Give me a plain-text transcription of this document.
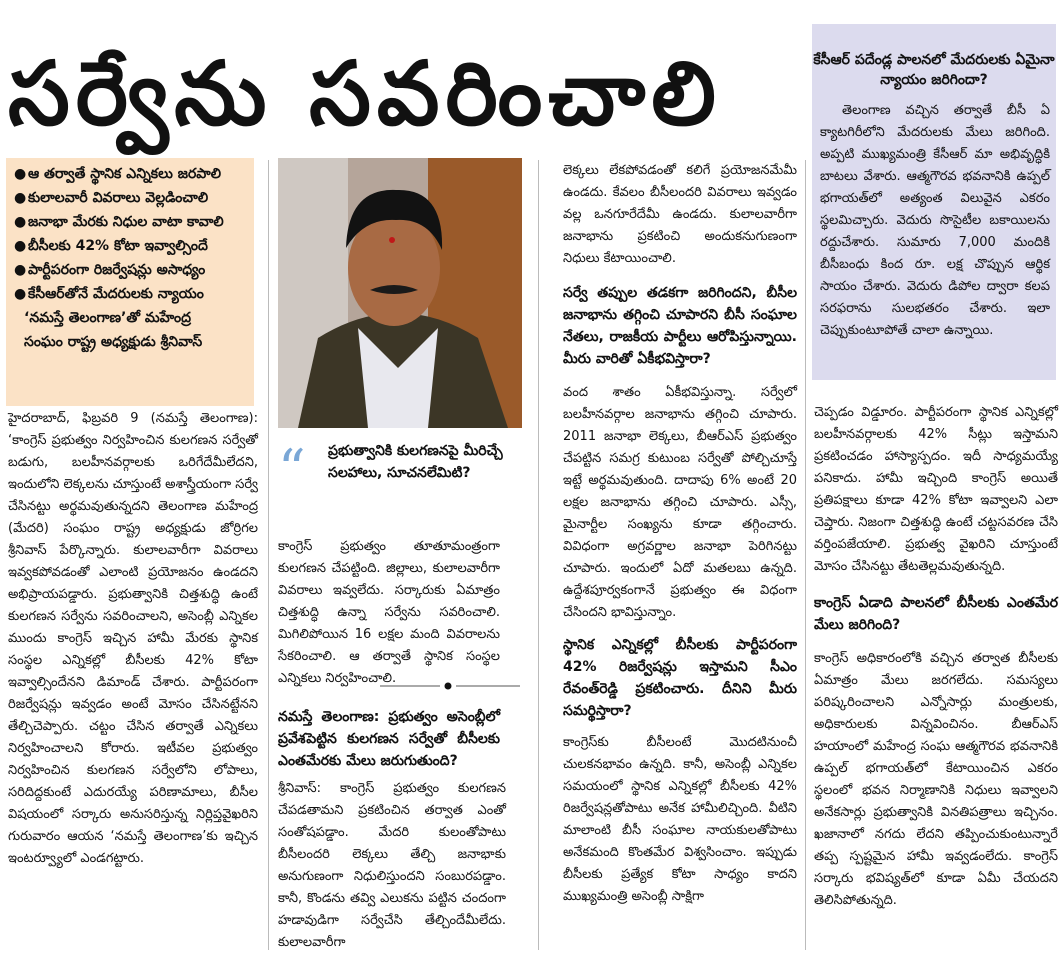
సర్వేను సవరించాలి	కేసీఆర్ పదేండ్ల పాలనలో మేదరులకు ఏమైనా న్యాయం జరిగిందా?
తెలంగాణ వచ్చిన తర్వాతే బీసీ ఏ క్యాటగిరీలోని మేదరులకు మేలు జరిగింది. అప్పటి ముఖ్యమంత్రి కేసీఆర్ మా అభివృద్ధికి బాటలు వేశారు. ఆత్మగౌరవ భవనానికి ఉప్పల్ భగాయత్‌లో అత్యంత విలువైన ఎకరం స్థలమిచ్చారు. వెదురు సొసైటీల బకాయిలను రద్దుచేశారు. సుమారు 7,000 మందికి బీసీబంధు కింద రూ. లక్ష చొప్పున ఆర్థిక సాయం చేశారు. వెదురు డిపోల ద్వారా కలప సరఫరాను సులభతరం చేశారు. ఇలా చెప్పుకుంటూపోతే చాలా ఉన్నాయి.
● ఆ తర్వాతే స్థానిక ఎన్నికలు జరపాలి
● కులాలవారీ వివరాలు వెల్లడించాలి
● జనాభా మేరకు నిధుల వాటా కావాలి
● బీసీలకు 42% కోటా ఇవ్వాల్సిందే
● పార్టీపరంగా రిజర్వేషన్లు అసాధ్యం
● కేసీఆర్‌తోనే మేదరులకు న్యాయం
‘నమస్తే తెలంగాణ’తో మహేంద్ర
సంఘం రాష్ట్ర అధ్యక్షుడు శ్రీనివాస్

హైదరాబాద్, ఫిబ్రవరి 9 (నమస్తే తెలంగాణ): ‘కాంగ్రెస్ ప్రభుత్వం నిర్వహించిన కులగణన సర్వేతో బడుగు, బలహీనవర్గాలకు ఒరిగేదేమీలేదని, ఇందులోని లెక్కలను చూస్తుంటే అశాస్త్రీయంగా సర్వే చేసినట్టు అర్థమవుతున్నదని తెలంగాణ మహేంద్ర (మేదరి) సంఘం రాష్ట్ర అధ్యక్షుడు జోర్రిగల శ్రీనివాస్ పేర్కొన్నారు. కులాలవారీగా వివరాలు ఇవ్వకపోవడంతో ఎలాంటి ప్రయోజనం ఉండదని అభిప్రాయపడ్డారు. ప్రభుత్వానికి చిత్తశుద్ధి ఉంటే కులగణన సర్వేను సవరించాలని, అసెంబ్లీ ఎన్నికల ముందు కాంగ్రెస్ ఇచ్చిన హామీ మేరకు స్థానిక సంస్థల ఎన్నికల్లో బీసీలకు 42% కోటా ఇవ్వాల్సిందేనని డిమాండ్ చేశారు. పార్టీపరంగా రిజర్వేషన్లు ఇవ్వడం అంటే మోసం చేసినట్టేనని తేల్చిచెప్పారు. చట్టం చేసిన తర్వాతే ఎన్నికలు నిర్వహించాలని కోరారు. ఇటీవల ప్రభుత్వం నిర్వహించిన కులగణన సర్వేలోని లోపాలు, సరిదిద్దకుంటే ఎదురయ్యే పరిణామాలు, బీసీల విషయంలో సర్కారు అనుసరిస్తున్న నిర్లిప్తవైఖరిని గురువారం ఆయన ‘నమస్తే తెలంగాణ’కు ఇచ్చిన ఇంటర్వ్యూలో ఎండగట్టారు.

“ ప్రభుత్వానికి కులగణనపై మీరిచ్చే సలహాలు, సూచనలేమిటి?
కాంగ్రెస్ ప్రభుత్వం తూతూమంత్రంగా కులగణన చేపట్టింది. జిల్లాలు, కులాలవారీగా వివరాలు ఇవ్వలేదు. సర్కారుకు ఏమాత్రం చిత్తశుద్ధి ఉన్నా సర్వేను సవరించాలి. మిగిలిపోయిన 16 లక్షల మంది వివరాలను సేకరించాలి. ఆ తర్వాతే స్థానిక సంస్థల ఎన్నికలు నిర్వహించాలి.
నమస్తే తెలంగాణ: ప్రభుత్వం అసెంబ్లీలో ప్రవేశపెట్టిన కులగణన సర్వేతో బీసీలకు ఎంతమేరకు మేలు జరుగుతుంది?
శ్రీనివాస్: కాంగ్రెస్ ప్రభుత్వం కులగణన చేపడతామని ప్రకటించిన తర్వాత ఎంతో సంతోషపడ్డాం. మేదరి కులంతోపాటు బీసీలందరి లెక్కలు తేల్చి జనాభాకు అనుగుణంగా నిధులిస్తుందని సంబురపడ్డాం. కానీ, కొండను తవ్వి ఎలుకను పట్టిన చందంగా హడావుడిగా సర్వేచేసి తేల్చిందేమీలేదు. కులాలవారీగా

లెక్కలు లేకపోవడంతో కలిగే ప్రయోజనమేమీ ఉండదు. కేవలం బీసీలందరి వివరాలు ఇవ్వడం వల్ల ఒనగూరేదేమీ ఉండదు. కులాలవారీగా జనాభాను ప్రకటించి అందుకనుగుణంగా నిధులు కేటాయించాలి.

సర్వే తప్పుల తడకగా జరిగిందని, బీసీల జనాభాను తగ్గించి చూపారని బీసీ సంఘాల నేతలు, రాజకీయ పార్టీలు ఆరోపిస్తున్నాయి. మీరు వారితో ఏకీభవిస్తారా?

వంద శాతం ఏకీభవిస్తున్నా. సర్వేలో బలహీనవర్గాల జనాభాను తగ్గించి చూపారు. 2011 జనాభా లెక్కలు, బీఆర్‌ఎస్ ప్రభుత్వం చేపట్టిన సమగ్ర కుటుంబ సర్వేతో పోల్చిచూస్తే ఇట్టే అర్థమవుతుంది. దాదాపు 6% అంటే 20 లక్షల జనాభాను తగ్గించి చూపారు. ఎస్సీ, మైనార్టీల సంఖ్యను కూడా తగ్గించారు. వివిధంగా అగ్రవర్ణాల జనాభా పెరిగినట్టు చూపారు. ఇందులో ఏదో మతలబు ఉన్నది. ఉద్దేశపూర్వకంగానే ప్రభుత్వం ఈ విధంగా చేసిందని భావిస్తున్నాం.

స్థానిక ఎన్నికల్లో బీసీలకు పార్టీపరంగా 42% రిజర్వేషన్లు ఇస్తామని సీఎం రేవంత్‌రెడ్డి ప్రకటించారు. దీనిని మీరు సమర్థిస్తారా?

కాంగ్రెస్‌కు బీసీలంటే మొదటినుంచీ చులకనభావం ఉన్నది. కానీ, అసెంబ్లీ ఎన్నికల సమయంలో స్థానిక ఎన్నికల్లో బీసీలకు 42% రిజర్వేషన్లతోపాటు అనేక హామీలిచ్చింది. వీటిని మాలాంటి బీసీ సంఘాల నాయకులతోపాటు అనేకమంది కొంతమేర విశ్వసించాం. ఇప్పుడు బీసీలకు ప్రత్యేక కోటా సాధ్యం కాదని ముఖ్యమంత్రి అసెంబ్లీ సాక్షిగా

చెప్పడం విడ్డూరం. పార్టీపరంగా స్థానిక ఎన్నికల్లో బలహీనవర్గాలకు 42% సీట్లు ఇస్తామని ప్రకటించడం హాస్యాస్పదం. ఇదీ సాధ్యమయ్యే పనికాదు. హామీ ఇచ్చింది కాంగ్రెస్ అయితే ప్రతిపక్షాలు కూడా 42% కోటా ఇవ్వాలని ఎలా చెప్తారు. నిజంగా చిత్తశుద్ధి ఉంటే చట్టసవరణ చేసి వర్తింపజేయాలి. ప్రభుత్వ వైఖరిని చూస్తుంటే మోసం చేసినట్టు తేటతెల్లమవుతున్నది.

కాంగ్రెస్ ఏడాది పాలనలో బీసీలకు ఎంతమేర మేలు జరిగింది?

కాంగ్రెస్ అధికారంలోకి వచ్చిన తర్వాత బీసీలకు ఏమాత్రం మేలు జరగలేదు. సమస్యలు పరిష్కరించాలని ఎన్నోసార్లు మంత్రులకు, అధికారులకు విన్నవించినం. బీఆర్‌ఎస్ హయాంలో మహేంద్ర సంఘ ఆత్మగౌరవ భవనానికి ఉప్పల్ భగాయత్‌లో కేటాయించిన ఎకరం స్థలంలో భవన నిర్మాణానికి నిధులు ఇవ్వాలని అనేకసార్లు ప్రభుత్వానికి వినతిపత్రాలు ఇచ్చినం. ఖజానాలో నగదు లేదని తప్పించుకుంటున్నారే తప్ప స్పష్టమైన హామీ ఇవ్వడంలేదు. కాంగ్రెస్ సర్కారు భవిష్యత్‌లో కూడా ఏమీ చేయదని తెలిసిపోతున్నది.
